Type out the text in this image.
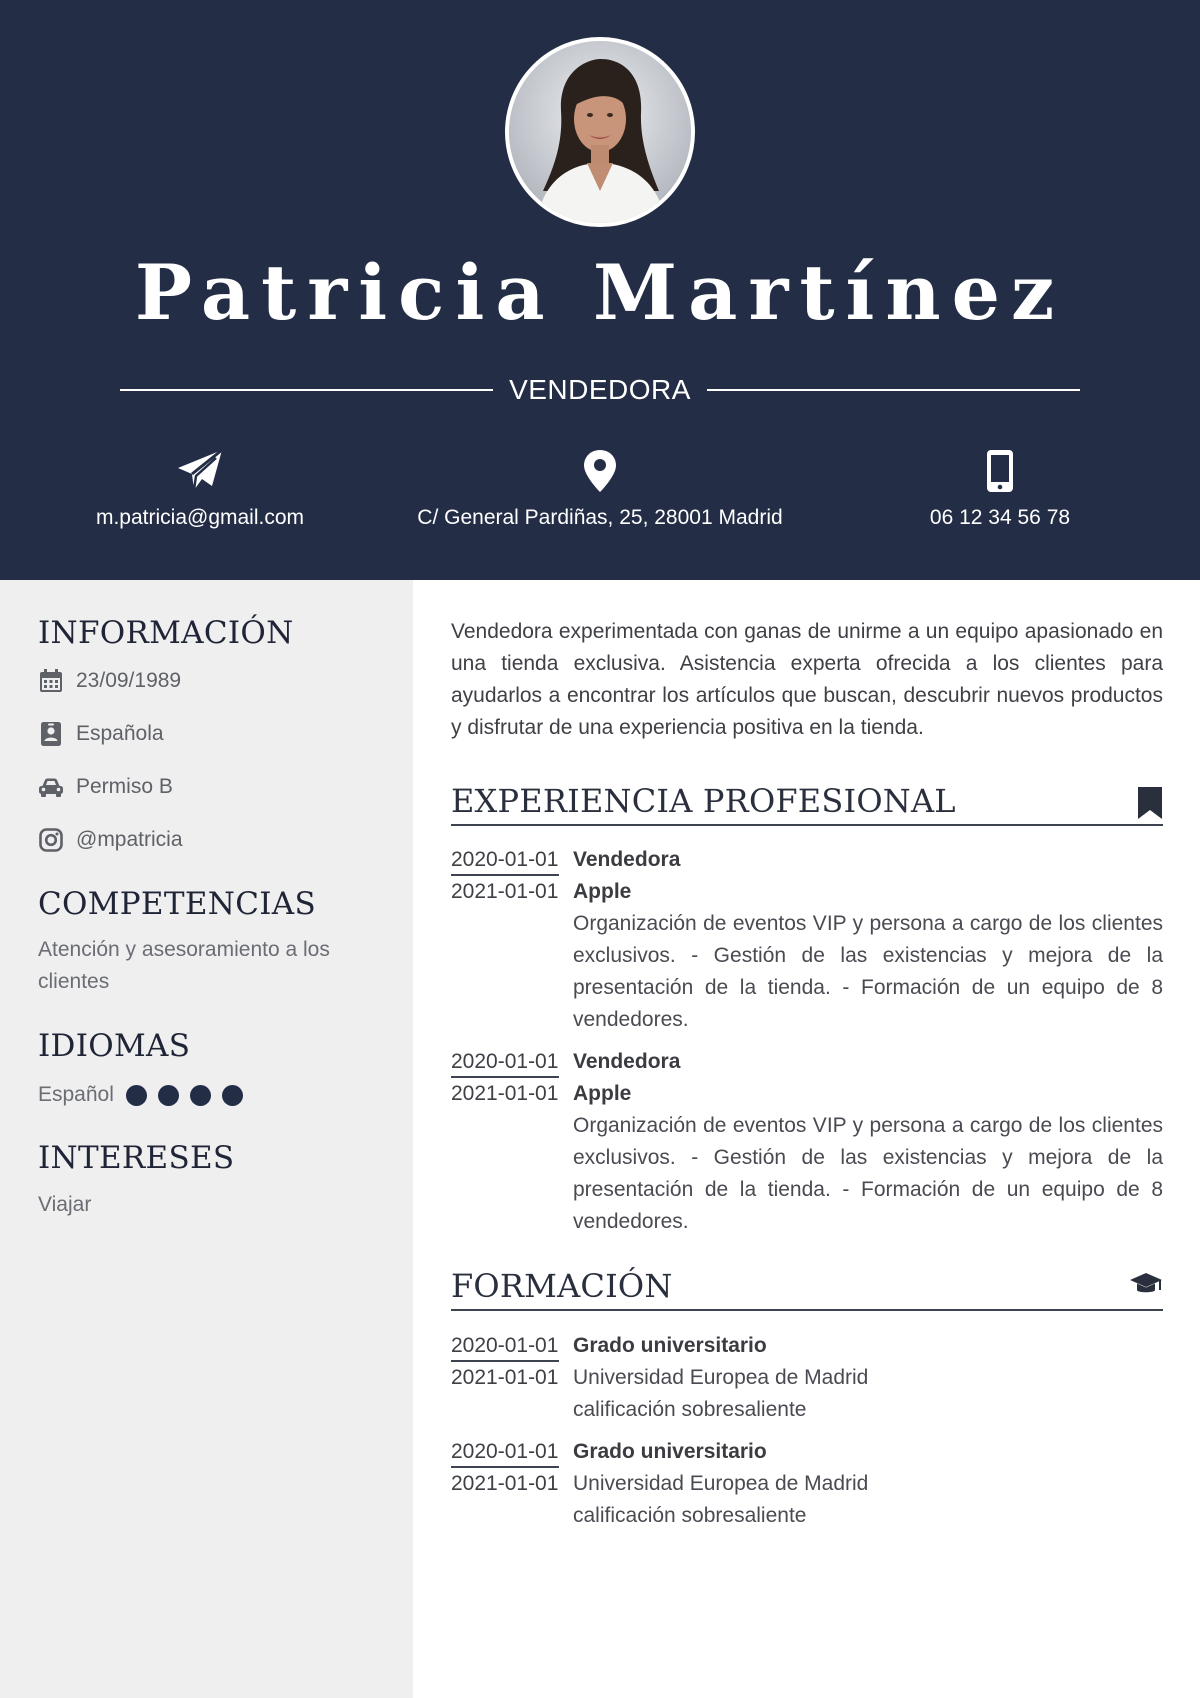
Patricia Martínez
VENDEDORA
m.patricia@gmail.com	C/ General Pardiñas, 25, 28001 Madrid	06 12 34 56 78
INFORMACIÓN
23/09/1989
Española
Permiso B
@mpatricia
COMPETENCIAS
Atención y asesoramiento a los clientes
IDIOMAS
Español
INTERESES
Viajar
Vendedora experimentada con ganas de unirme a un equipo apasionado en una tienda exclusiva. Asistencia experta ofrecida a los clientes para ayudarlos a encontrar los artículos que buscan, descubrir nuevos productos y disfrutar de una experiencia positiva en la tienda.
EXPERIENCIA PROFESIONAL
2020-01-01
2021-01-01
Vendedora
Apple
Organización de eventos VIP y persona a cargo de los clientes exclusivos. - Gestión de las existencias y mejora de la presentación de la tienda. - Formación de un equipo de 8 vendedores.
2020-01-01
2021-01-01
Vendedora
Apple
Organización de eventos VIP y persona a cargo de los clientes exclusivos. - Gestión de las existencias y mejora de la presentación de la tienda. - Formación de un equipo de 8 vendedores.
FORMACIÓN
2020-01-01
2021-01-01
Grado universitario
Universidad Europea de Madrid
calificación sobresaliente
2020-01-01
2021-01-01
Grado universitario
Universidad Europea de Madrid
calificación sobresaliente
